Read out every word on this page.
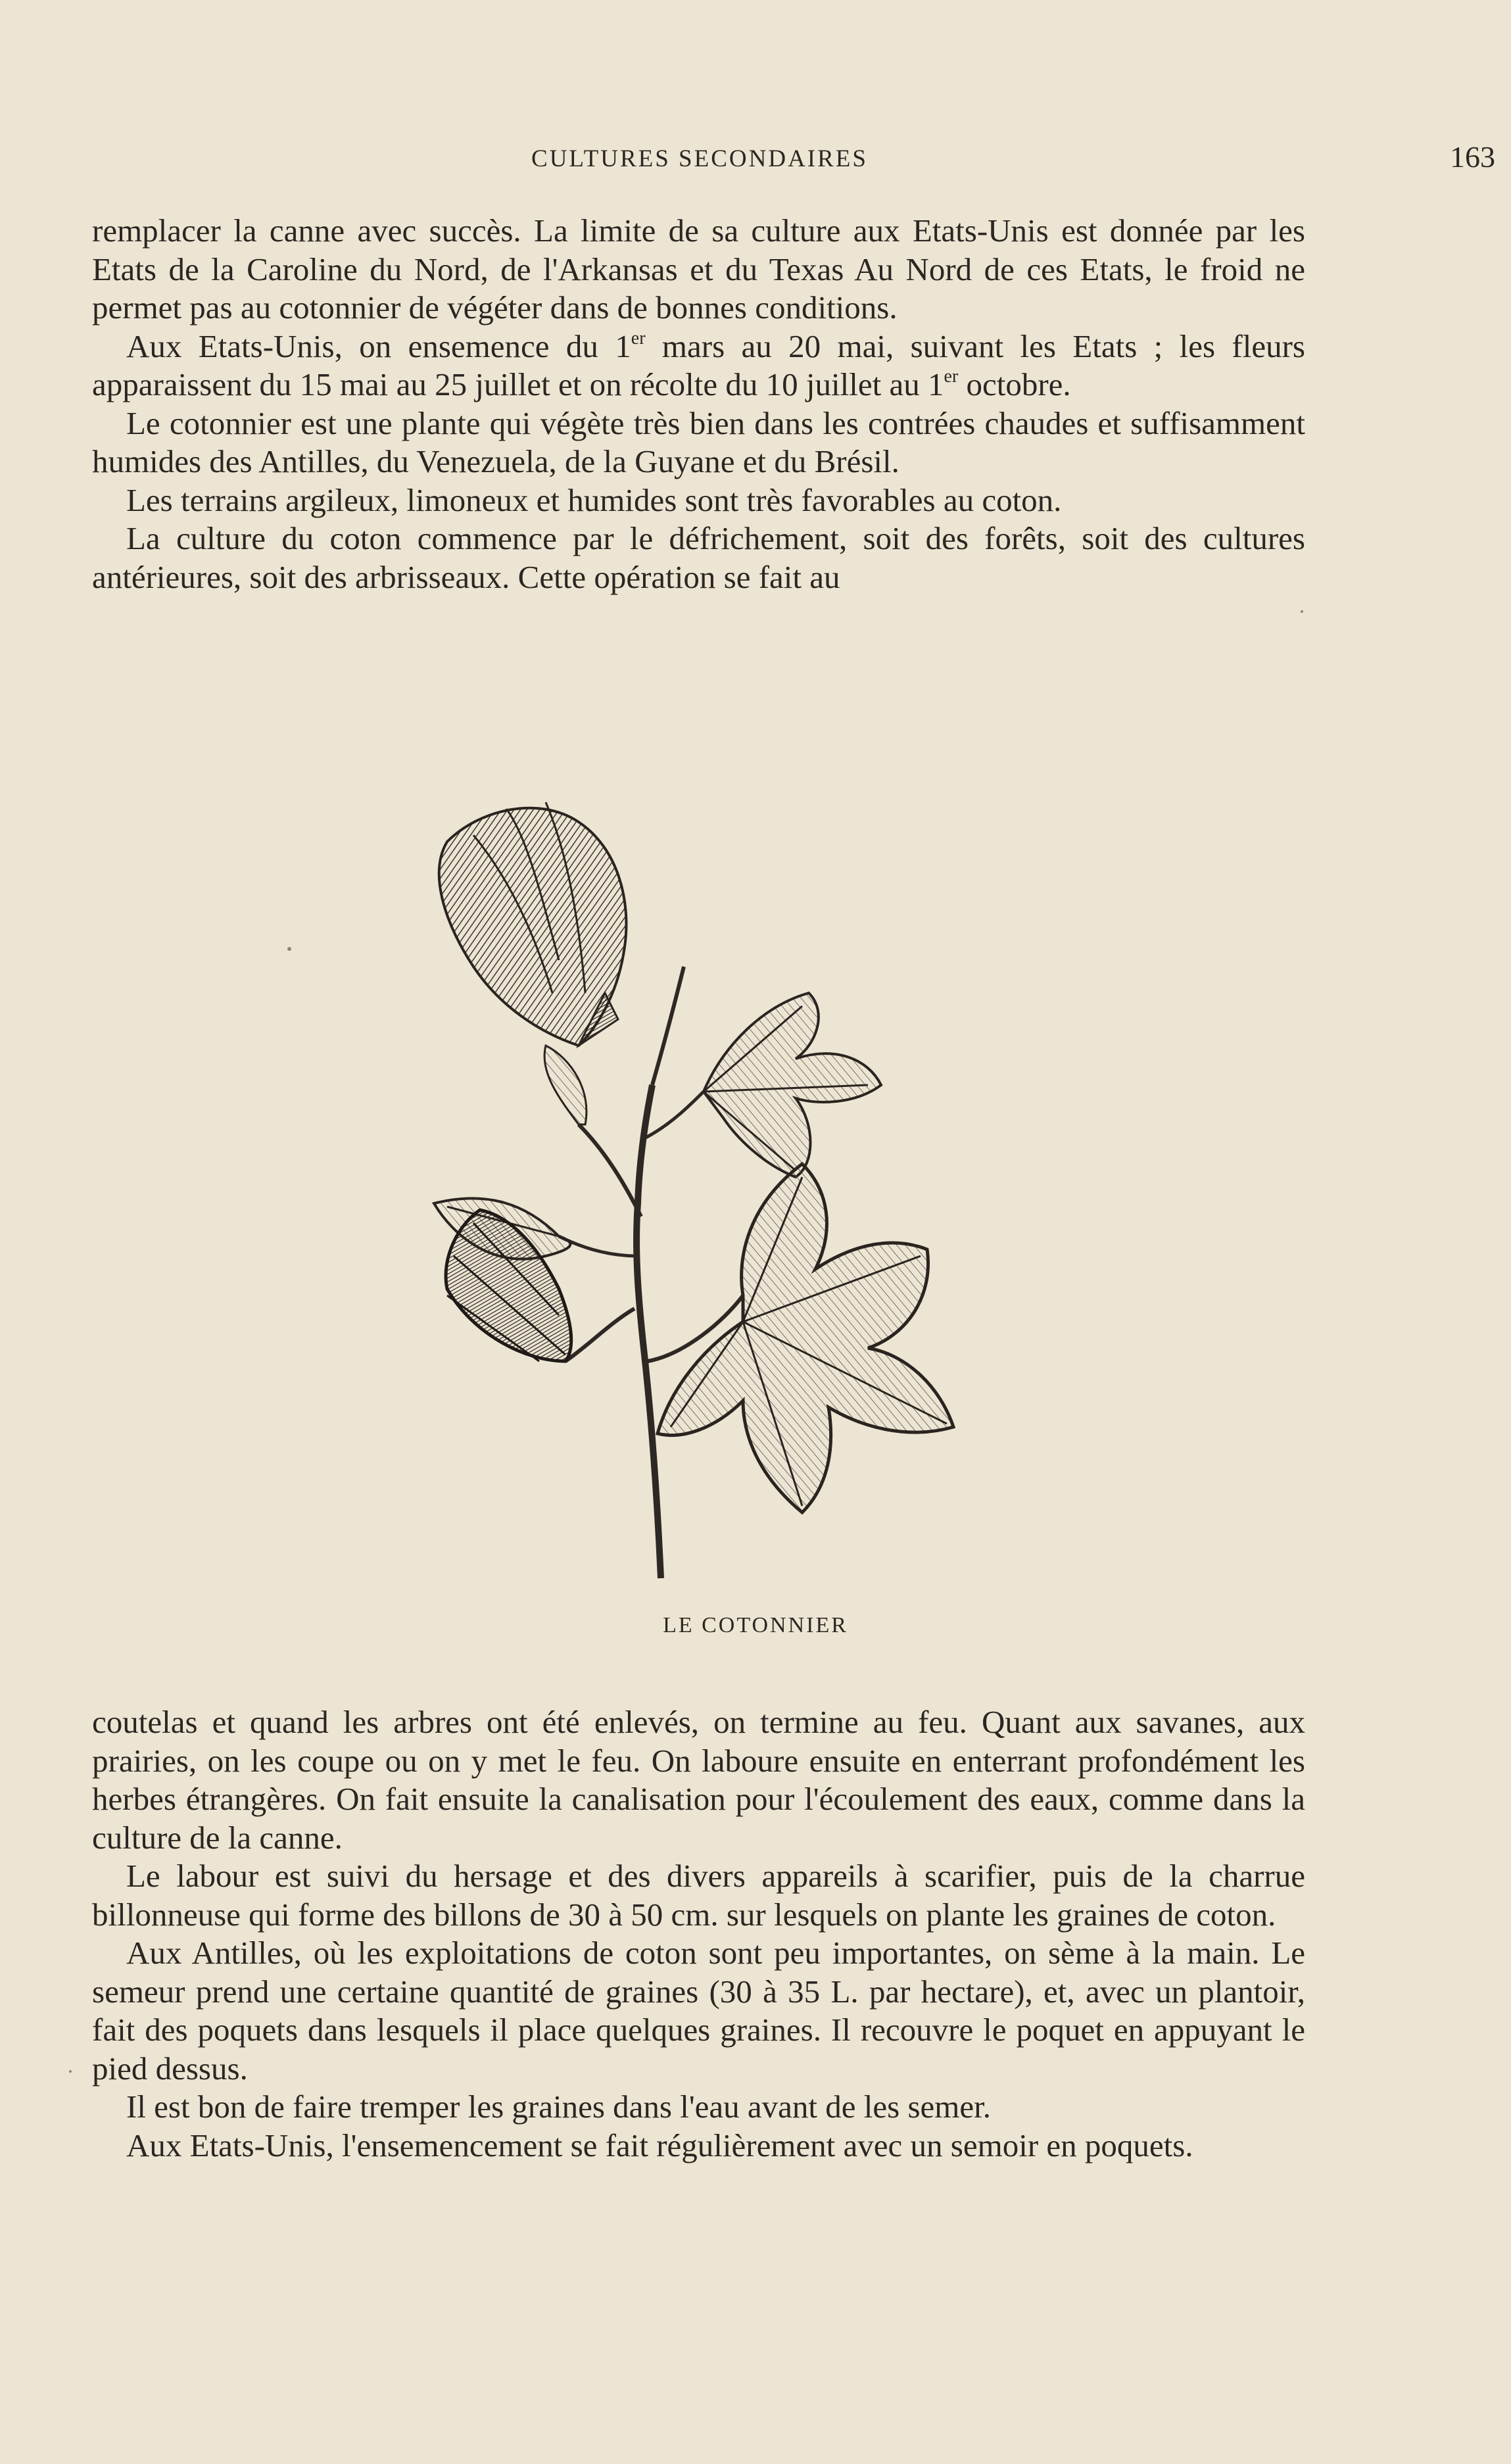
CULTURES SECONDAIRES	163

remplacer la canne avec succès. La limite de sa culture aux Etats-Unis est donnée par les Etats de la Caroline du Nord, de l'Arkansas et du Texas Au Nord de ces Etats, le froid ne permet pas au cotonnier de végéter dans de bonnes conditions.

Aux Etats-Unis, on ensemence du 1er mars au 20 mai, suivant les Etats ; les fleurs apparaissent du 15 mai au 25 juillet et on récolte du 10 juillet au 1er octobre.

Le cotonnier est une plante qui végète très bien dans les contrées chaudes et suffisamment humides des Antilles, du Venezuela, de la Guyane et du Brésil.

Les terrains argileux, limoneux et humides sont très favorables au coton.

La culture du coton commence par le défrichement, soit des forêts, soit des cultures antérieures, soit des arbrisseaux. Cette opération se fait au

LE COTONNIER

coutelas et quand les arbres ont été enlevés, on termine au feu. Quant aux savanes, aux prairies, on les coupe ou on y met le feu. On laboure ensuite en enterrant profondément les herbes étrangères. On fait ensuite la canalisation pour l'écoulement des eaux, comme dans la culture de la canne.

Le labour est suivi du hersage et des divers appareils à scarifier, puis de la charrue billonneuse qui forme des billons de 30 à 50 cm. sur lesquels on plante les graines de coton.

Aux Antilles, où les exploitations de coton sont peu importantes, on sème à la main. Le semeur prend une certaine quantité de graines (30 à 35 L. par hectare), et, avec un plantoir, fait des poquets dans lesquels il place quelques graines. Il recouvre le poquet en appuyant le pied dessus.

Il est bon de faire tremper les graines dans l'eau avant de les semer.

Aux Etats-Unis, l'ensemencement se fait régulièrement avec un semoir en poquets.
